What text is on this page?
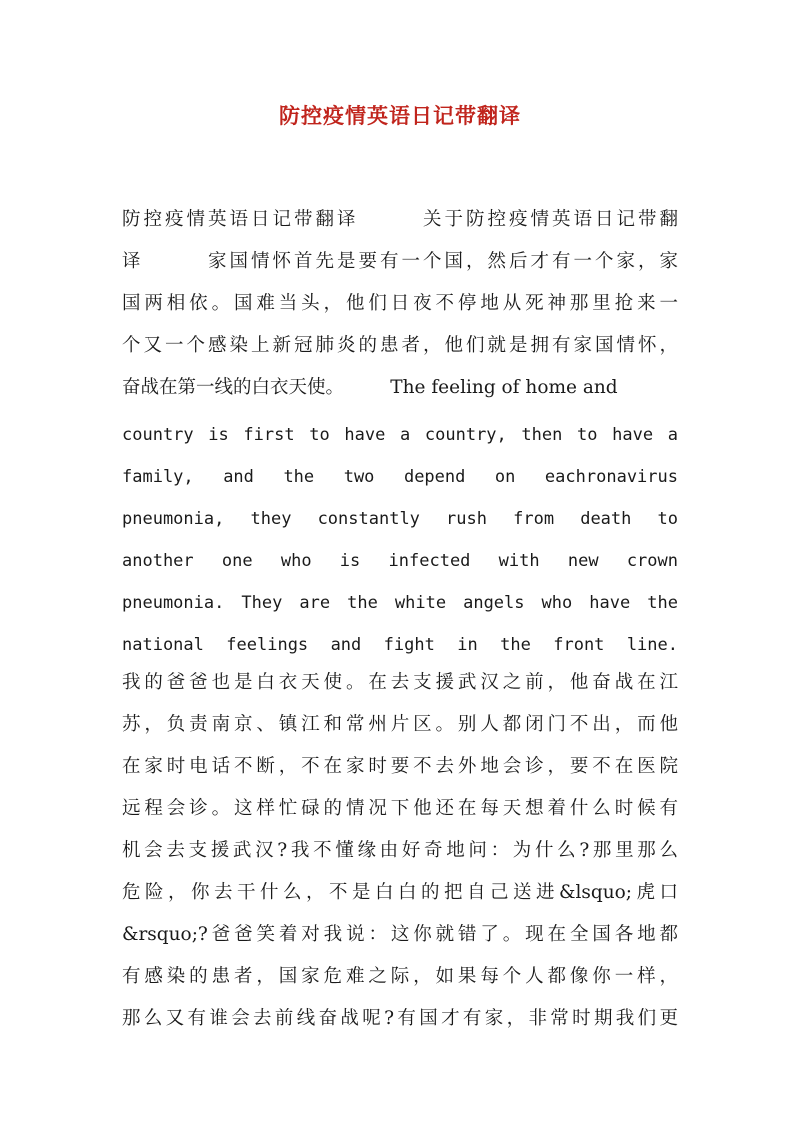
防控疫情英语日记带翻译
防控疫情英语日记带翻译　　　关于防控疫情英语日记带翻
译　　　家国情怀首先是要有一个国，然后才有一个家，家
国两相依。国难当头，他们日夜不停地从死神那里抢来一
个又一个感染上新冠肺炎的患者，他们就是拥有家国情怀，
奋战在第一线的白衣天使。　　　The feeling of home and
country is first to have a country, then to have a
family, and the two depend on eachronavirus
pneumonia, they constantly rush from death to
another one who is infected with new crown
pneumonia. They are the white angels who have the
national feelings and fight in the front line.
我的爸爸也是白衣天使。在去支援武汉之前，他奋战在江
苏，负责南京、镇江和常州片区。别人都闭门不出，而他
在家时电话不断，不在家时要不去外地会诊，要不在医院
远程会诊。这样忙碌的情况下他还在每天想着什么时候有
机会去支援武汉?我不懂缘由好奇地问：为什么?那里那么
危险，你去干什么，不是白白的把自己送进&lsquo;虎口
&rsquo;?爸爸笑着对我说：这你就错了。现在全国各地都
有感染的患者，国家危难之际，如果每个人都像你一样，
那么又有谁会去前线奋战呢?有国才有家，非常时期我们更
